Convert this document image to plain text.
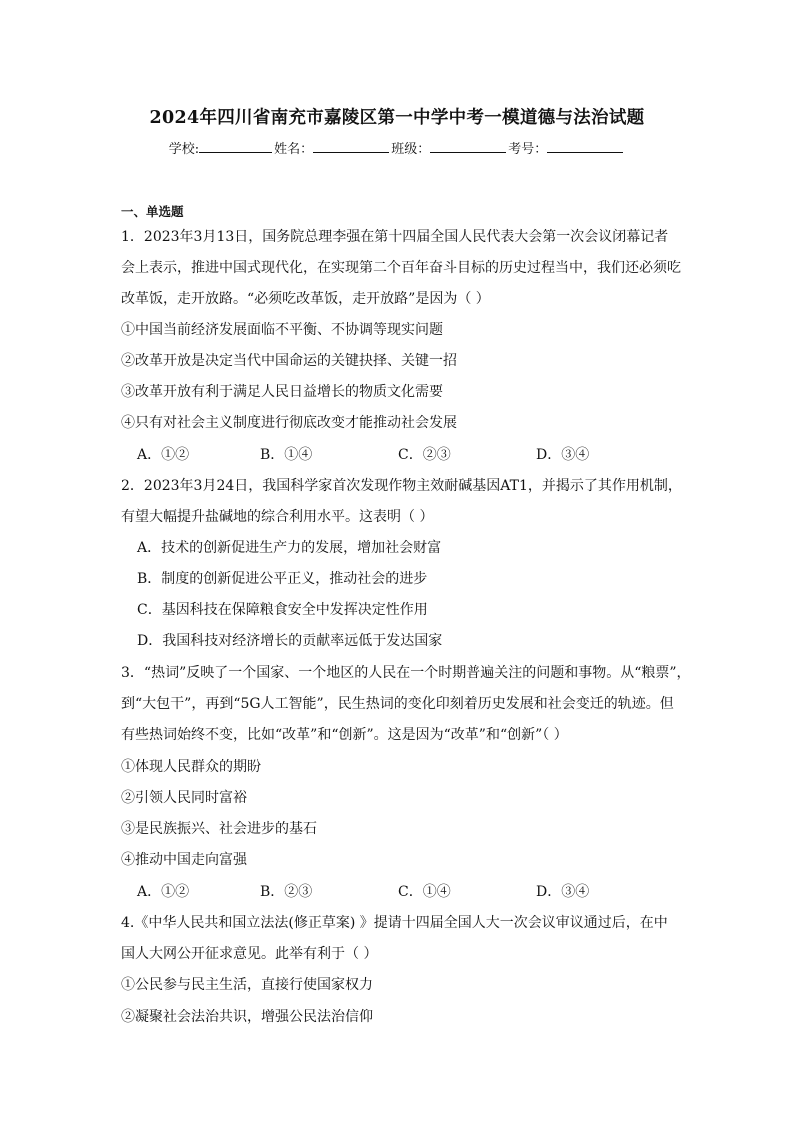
2024年四川省南充市嘉陵区第一中学中考一模道德与法治试题
学校:	姓名：	班级：	考号：
一、单选题
1．2023年3月13日，国务院总理李强在第十四届全国人民代表大会第一次会议闭幕记者
会上表示，推进中国式现代化，在实现第二个百年奋斗目标的历史过程当中，我们还必须吃
改革饭，走开放路。“必须吃改革饭，走开放路”是因为（ ）
①中国当前经济发展面临不平衡、不协调等现实问题
②改革开放是决定当代中国命运的关键抉择、关键一招
③改革开放有利于满足人民日益增长的物质文化需要
④只有对社会主义制度进行彻底改变才能推动社会发展
A．①②	B．①④	C．②③	D．③④
2．2023年3月24日，我国科学家首次发现作物主效耐碱基因AT1，并揭示了其作用机制，
有望大幅提升盐碱地的综合利用水平。这表明（ ）
A．技术的创新促进生产力的发展，增加社会财富
B．制度的创新促进公平正义，推动社会的进步
C．基因科技在保障粮食安全中发挥决定性作用
D．我国科技对经济增长的贡献率远低于发达国家
3．“热词”反映了一个国家、一个地区的人民在一个时期普遍关注的问题和事物。从“粮票”，
到“大包干”，再到“5G人工智能”，民生热词的变化印刻着历史发展和社会变迁的轨迹。但
有些热词始终不变，比如“改革”和“创新”。这是因为“改革”和“创新”（ ）
①体现人民群众的期盼
②引领人民同时富裕
③是民族振兴、社会进步的基石
④推动中国走向富强
A．①②	B．②③	C．①④	D．③④
4.《中华人民共和国立法法(修正草案) 》提请十四届全国人大一次会议审议通过后，在中
国人大网公开征求意见。此举有利于（ ）
①公民参与民主生活，直接行使国家权力
②凝聚社会法治共识，增强公民法治信仰
